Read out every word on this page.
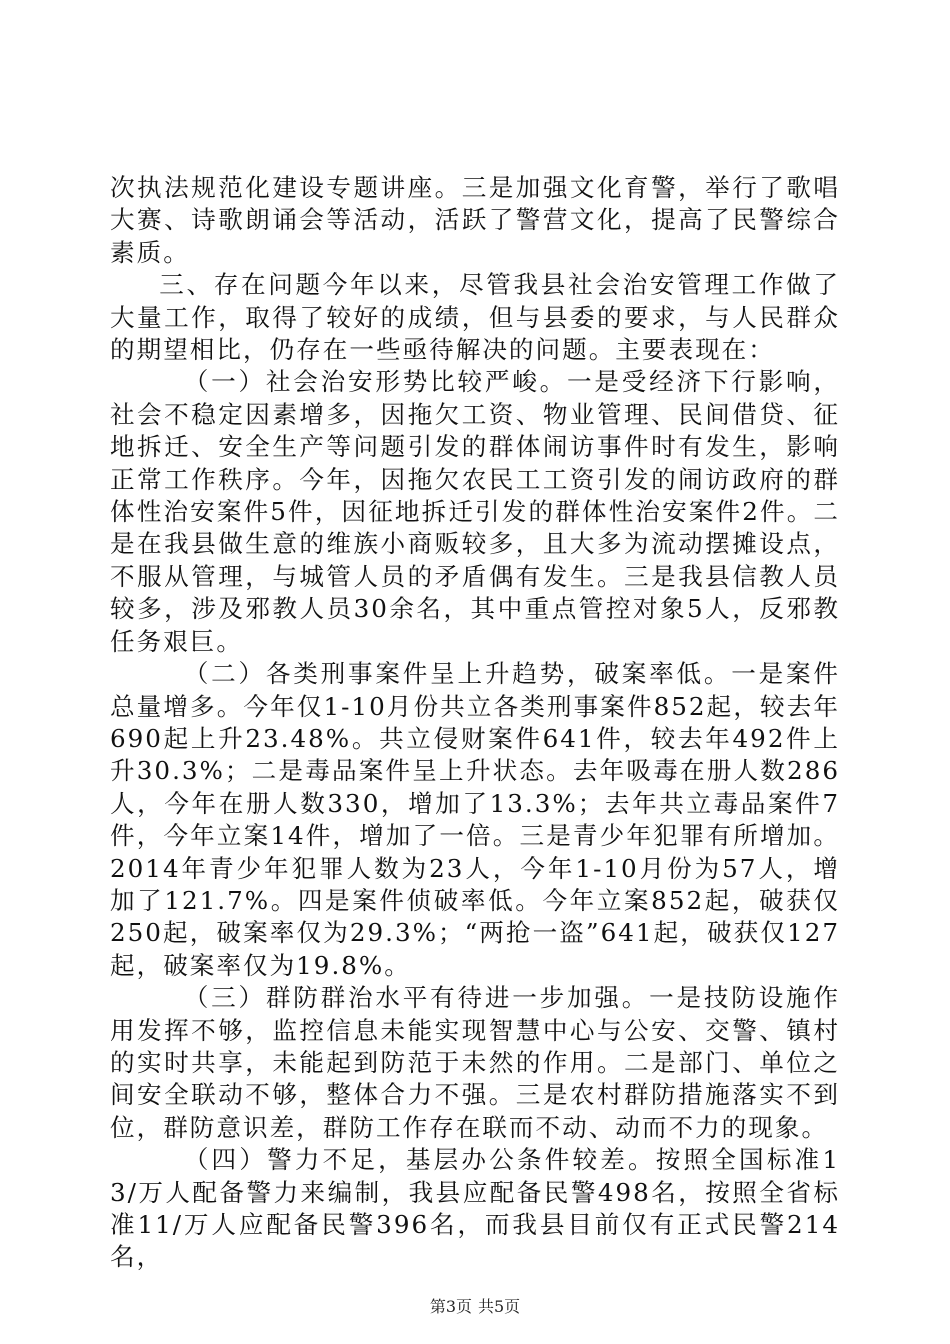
次执法规范化建设专题讲座。三是加强文化育警，举行了歌唱大赛、诗歌朗诵会等活动，活跃了警营文化，提高了民警综合素质。

三、存在问题今年以来，尽管我县社会治安管理工作做了大量工作，取得了较好的成绩，但与县委的要求，与人民群众的期望相比，仍存在一些亟待解决的问题。主要表现在：

（一）社会治安形势比较严峻。一是受经济下行影响，社会不稳定因素增多，因拖欠工资、物业管理、民间借贷、征地拆迁、安全生产等问题引发的群体闹访事件时有发生，影响正常工作秩序。今年，因拖欠农民工工资引发的闹访政府的群体性治安案件5件，因征地拆迁引发的群体性治安案件2件。二是在我县做生意的维族小商贩较多，且大多为流动摆摊设点，不服从管理，与城管人员的矛盾偶有发生。三是我县信教人员较多，涉及邪教人员30余名，其中重点管控对象5人，反邪教任务艰巨。

（二）各类刑事案件呈上升趋势，破案率低。一是案件总量增多。今年仅1-10月份共立各类刑事案件852起，较去年690起上升23.48%。共立侵财案件641件，较去年492件上升30.3%；二是毒品案件呈上升状态。去年吸毒在册人数286人，今年在册人数330，增加了13.3%；去年共立毒品案件7件，今年立案14件，增加了一倍。三是青少年犯罪有所增加。2014年青少年犯罪人数为23人，今年1-10月份为57人，增加了121.7%。四是案件侦破率低。今年立案852起，破获仅250起，破案率仅为29.3%；“两抢一盗”641起，破获仅127起，破案率仅为19.8%。

（三）群防群治水平有待进一步加强。一是技防设施作用发挥不够，监控信息未能实现智慧中心与公安、交警、镇村的实时共享，未能起到防范于未然的作用。二是部门、单位之间安全联动不够，整体合力不强。三是农村群防措施落实不到位，群防意识差，群防工作存在联而不动、动而不力的现象。

（四）警力不足，基层办公条件较差。按照全国标准13/万人配备警力来编制，我县应配备民警498名，按照全省标准11/万人应配备民警396名，而我县目前仅有正式民警214名，

第3页 共5页
